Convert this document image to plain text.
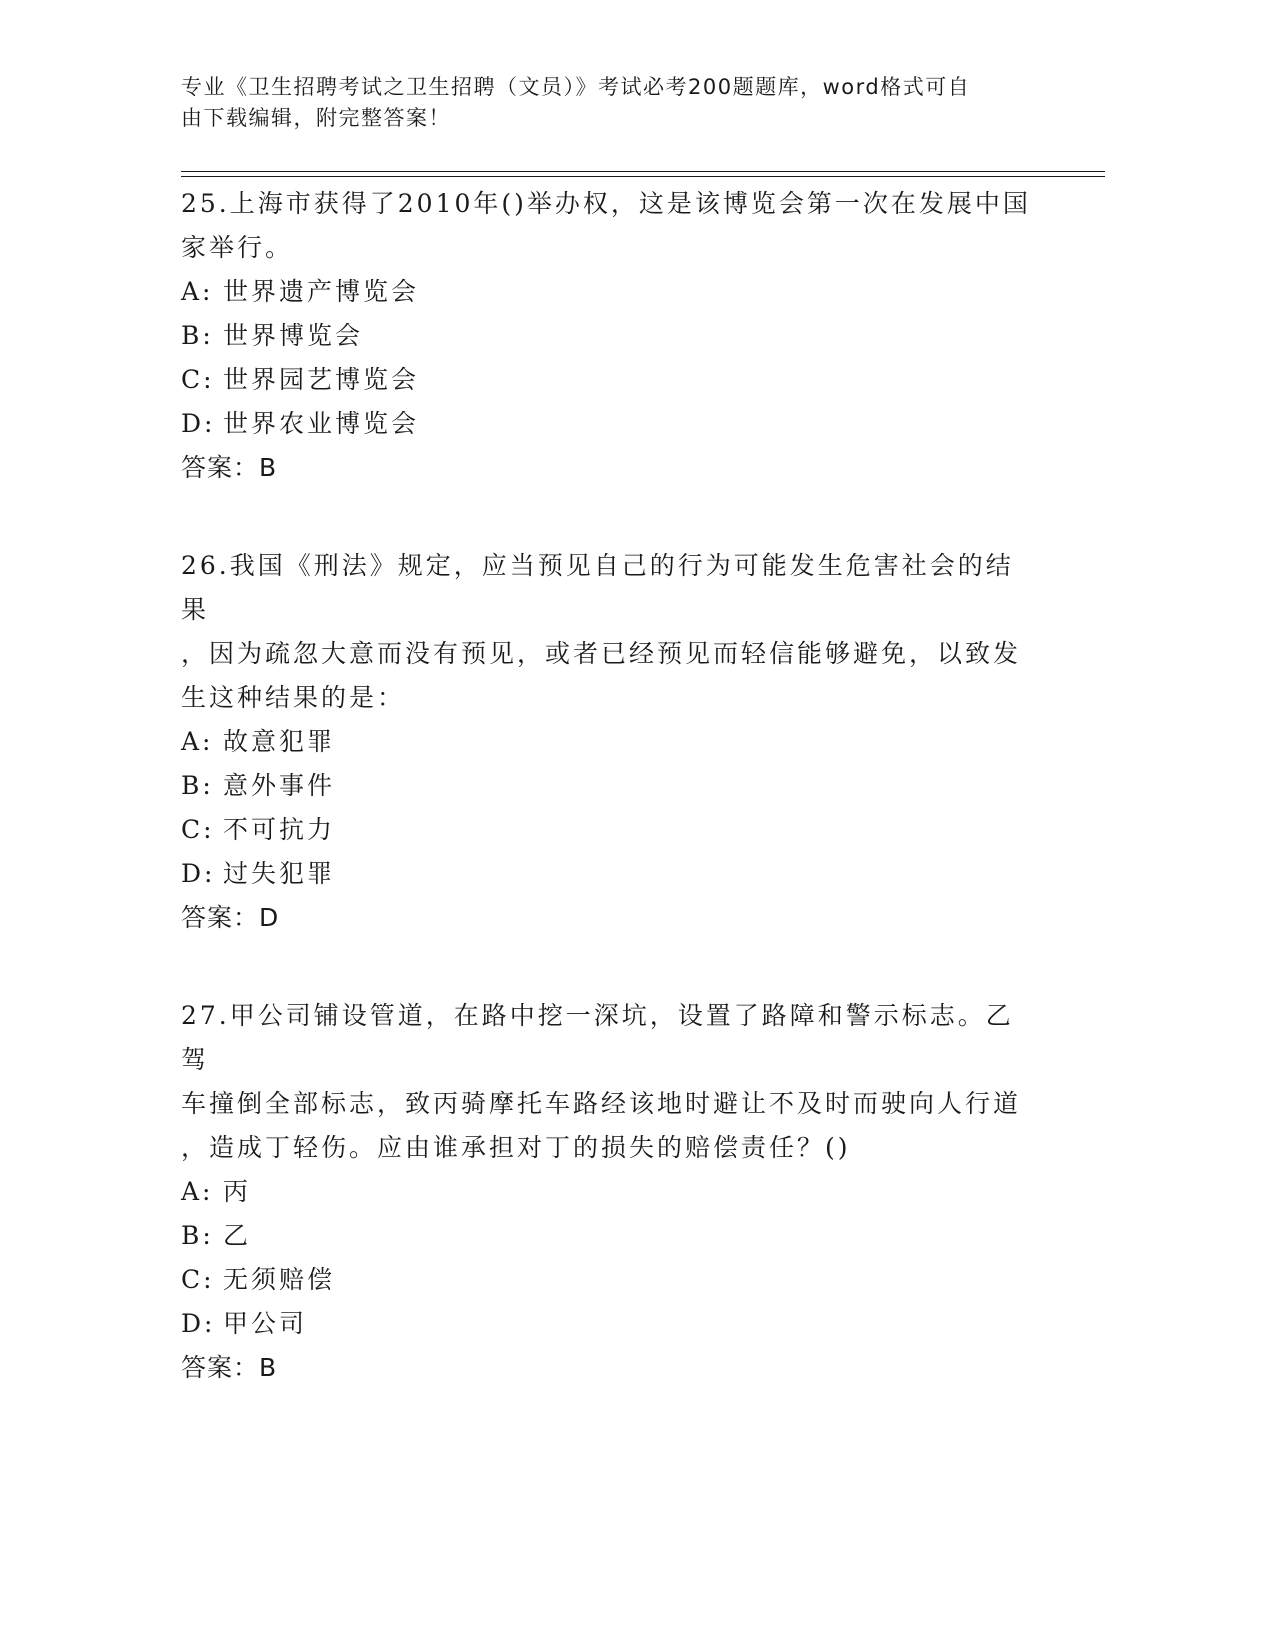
专业《卫生招聘考试之卫生招聘（文员）》考试必考200题题库，word格式可自
由下载编辑，附完整答案！
25.上海市获得了2010年()举办权，这是该博览会第一次在发展中国
家举行。
A: 世界遗产博览会
B: 世界博览会
C: 世界园艺博览会
D: 世界农业博览会
答案：B
26.我国《刑法》规定，应当预见自己的行为可能发生危害社会的结果
，因为疏忽大意而没有预见，或者已经预见而轻信能够避免，以致发
生这种结果的是：
A: 故意犯罪
B: 意外事件
C: 不可抗力
D: 过失犯罪
答案：D
27.甲公司铺设管道，在路中挖一深坑，设置了路障和警示标志。乙驾
车撞倒全部标志，致丙骑摩托车路经该地时避让不及时而驶向人行道
，造成丁轻伤。应由谁承担对丁的损失的赔偿责任？()
A: 丙
B: 乙
C: 无须赔偿
D: 甲公司
答案：B
